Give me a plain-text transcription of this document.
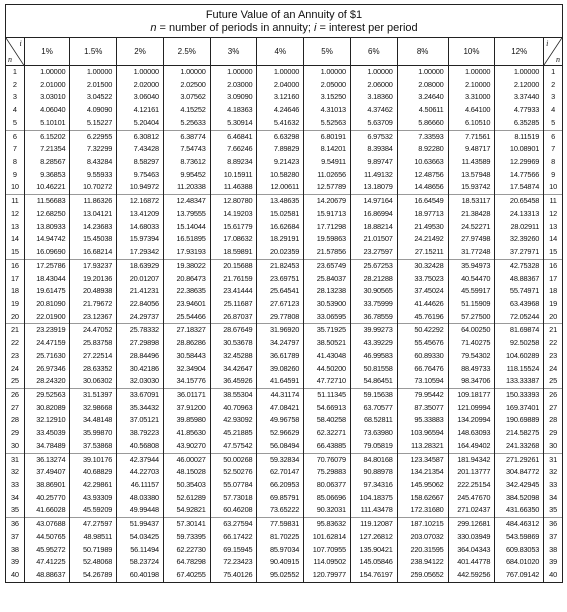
Future Value of an Annuity of $1
n = number of periods in annuity; i = interest per period
i
n	1%	1.5%	2%	2.5%	3%	4%	5%	6%	8%	10%	12%	i
n

1	1.00000	1.00000	1.00000	1.00000	1.00000	1.00000	1.00000	1.00000	1.00000	1.00000	1.00000	1
2	2.01000	2.01500	2.02000	2.02500	2.03000	2.04000	2.05000	2.06000	2.08000	2.10000	2.12000	2
3	3.03010	3.04522	3.06040	3.07562	3.09090	3.12160	3.15250	3.18360	3.24640	3.31000	3.37440	3
4	4.06040	4.09090	4.12161	4.15252	4.18363	4.24646	4.31013	4.37462	4.50611	4.64100	4.77933	4
5	5.10101	5.15227	5.20404	5.25633	5.30914	5.41632	5.52563	5.63709	5.86660	6.10510	6.35285	5
6	6.15202	6.22955	6.30812	6.38774	6.46841	6.63298	6.80191	6.97532	7.33593	7.71561	8.11519	6
7	7.21354	7.32299	7.43428	7.54743	7.66246	7.89829	8.14201	8.39384	8.92280	9.48717	10.08901	7
8	8.28567	8.43284	8.58297	8.73612	8.89234	9.21423	9.54911	9.89747	10.63663	11.43589	12.29969	8
9	9.36853	9.55933	9.75463	9.95452	10.15911	10.58280	11.02656	11.49132	12.48756	13.57948	14.77566	9
10	10.46221	10.70272	10.94972	11.20338	11.46388	12.00611	12.57789	13.18079	14.48656	15.93742	17.54874	10
11	11.56683	11.86326	12.16872	12.48347	12.80780	13.48635	14.20679	14.97164	16.64549	18.53117	20.65458	11
12	12.68250	13.04121	13.41209	13.79555	14.19203	15.02581	15.91713	16.86994	18.97713	21.38428	24.13313	12
13	13.80933	14.23683	14.68033	15.14044	15.61779	16.62684	17.71298	18.88214	21.49530	24.52271	28.02911	13
14	14.94742	15.45038	15.97394	16.51895	17.08632	18.29191	19.59863	21.01507	24.21492	27.97498	32.39260	14
15	16.09690	16.68214	17.29342	17.93193	18.59891	20.02359	21.57856	23.27597	27.15211	31.77248	37.27971	15
16	17.25786	17.93237	18.63929	19.38022	20.15688	21.82453	23.65749	25.67253	30.32428	35.94973	42.75328	16
17	18.43044	19.20136	20.01207	20.86473	21.76159	23.69751	25.84037	28.21288	33.75023	40.54470	48.88367	17
18	19.61475	20.48938	21.41231	22.38635	23.41444	25.64541	28.13238	30.90565	37.45024	45.59917	55.74971	18
19	20.81090	21.79672	22.84056	23.94601	25.11687	27.67123	30.53900	33.75999	41.44626	51.15909	63.43968	19
20	22.01900	23.12367	24.29737	25.54466	26.87037	29.77808	33.06595	36.78559	45.76196	57.27500	72.05244	20
21	23.23919	24.47052	25.78332	27.18327	28.67649	31.96920	35.71925	39.99273	50.42292	64.00250	81.69874	21
22	24.47159	25.83758	27.29898	28.86286	30.53678	34.24797	38.50521	43.39229	55.45676	71.40275	92.50258	22
23	25.71630	27.22514	28.84496	30.58443	32.45288	36.61789	41.43048	46.99583	60.89330	79.54302	104.60289	23
24	26.97346	28.63352	30.42186	32.34904	34.42647	39.08260	44.50200	50.81558	66.76476	88.49733	118.15524	24
25	28.24320	30.06302	32.03030	34.15776	36.45926	41.64591	47.72710	54.86451	73.10594	98.34706	133.33387	25
26	29.52563	31.51397	33.67091	36.01171	38.55304	44.31174	51.11345	59.15638	79.95442	109.18177	150.33393	26
27	30.82089	32.98668	35.34432	37.91200	40.70963	47.08421	54.66913	63.70577	87.35077	121.09994	169.37401	27
28	32.12910	34.48148	37.05121	39.85980	42.93092	49.96758	58.40258	68.52811	95.33883	134.20994	190.69889	28
29	33.45039	35.99870	38.79223	41.85630	45.21885	52.96629	62.32271	73.63980	103.96594	148.63093	214.58275	29
30	34.78489	37.53868	40.56808	43.90270	47.57542	56.08494	66.43885	79.05819	113.28321	164.49402	241.33268	30
31	36.13274	39.10176	42.37944	46.00027	50.00268	59.32834	70.76079	84.80168	123.34587	181.94342	271.29261	31
32	37.49407	40.68829	44.22703	48.15028	52.50276	62.70147	75.29883	90.88978	134.21354	201.13777	304.84772	32
33	38.86901	42.29861	46.11157	50.35403	55.07784	66.20953	80.06377	97.34316	145.95062	222.25154	342.42945	33
34	40.25770	43.93309	48.03380	52.61289	57.73018	69.85791	85.06696	104.18375	158.62667	245.47670	384.52098	34
35	41.66028	45.59209	49.99448	54.92821	60.46208	73.65222	90.32031	111.43478	172.31680	271.02437	431.66350	35
36	43.07688	47.27597	51.99437	57.30141	63.27594	77.59831	95.83632	119.12087	187.10215	299.12681	484.46312	36
37	44.50765	48.98511	54.03425	59.73395	66.17422	81.70225	101.62814	127.26812	203.07032	330.03949	543.59869	37
38	45.95272	50.71989	56.11494	62.22730	69.15945	85.97034	107.70955	135.90421	220.31595	364.04343	609.83053	38
39	47.41225	52.48068	58.23724	64.78298	72.23423	90.40915	114.09502	145.05846	238.94122	401.44778	684.01020	39
40	48.88637	54.26789	60.40198	67.40255	75.40126	95.02552	120.79977	154.76197	259.05652	442.59256	767.09142	40
